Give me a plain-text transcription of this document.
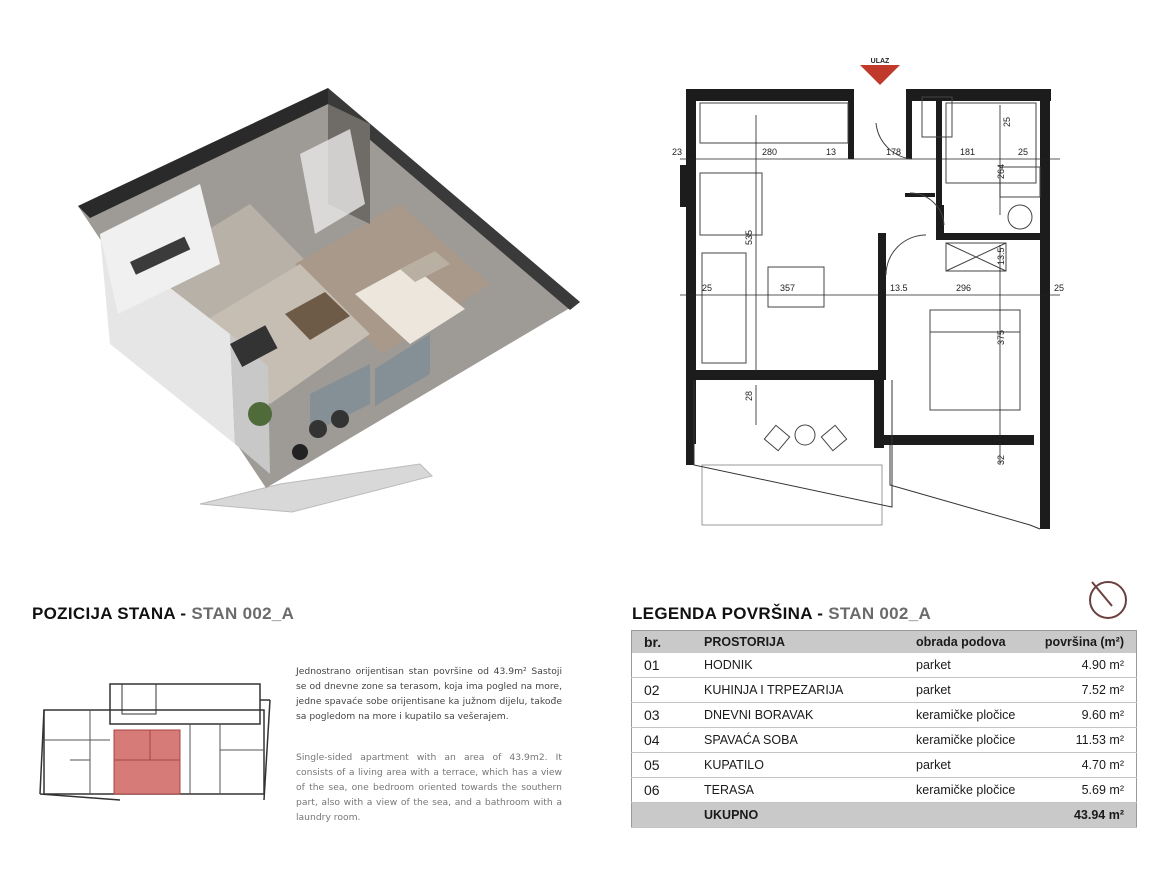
ULAZ
23	280	13	178	181	25
25	357	13.5	296	25
25
264
535
13.5
375
28
32
POZICIJA STANA - STAN 002_A
Jednostrano orijentisan stan površine od 43.9m² Sastoji se od dnevne zone sa terasom, koja ima pogled na more, jedne spavaće sobe orijentisane ka južnom dijelu, takođe sa pogledom na more i kupatilo sa vešerajem.
Single-sided apartment with an area of 43.9m2. It consists of a living area with a terrace, which has a view of the sea, one bedroom oriented towards the southern part, also with a view of the sea, and a bathroom with a laundry room.
LEGENDA POVRŠINA - STAN 002_A
br.	PROSTORIJA	obrada podova	površina (m²)
01	HODNIK	parket	4.90 m²
02	KUHINJA I TRPEZARIJA	parket	7.52 m²
03	DNEVNI BORAVAK	keramičke pločice	9.60 m²
04	SPAVAĆA SOBA	keramičke pločice	11.53 m²
05	KUPATILO	parket	4.70 m²
06	TERASA	keramičke pločice	5.69 m²
	UKUPNO		43.94 m²
